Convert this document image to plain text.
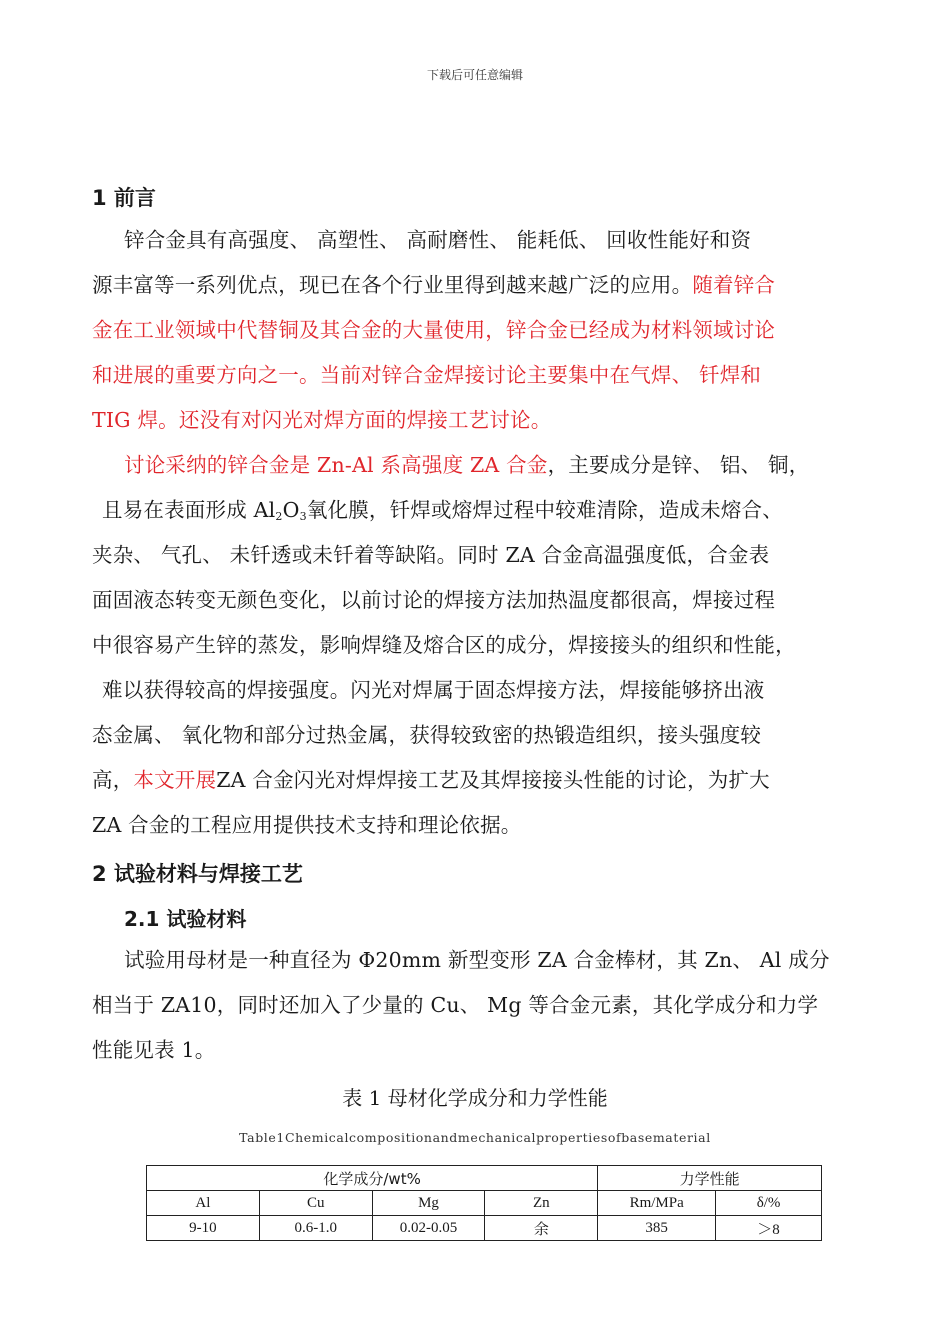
下载后可任意编辑
1 前言
锌合金具有高强度、 高塑性、 高耐磨性、 能耗低、 回收性能好和资
源丰富等一系列优点，现已在各个行业里得到越来越广泛的应用。随着锌合
金在工业领域中代替铜及其合金的大量使用，锌合金已经成为材料领域讨论
和进展的重要方向之一。当前对锌合金焊接讨论主要集中在气焊、 钎焊和
TIG 焊。还没有对闪光对焊方面的焊接工艺讨论。
讨论采纳的锌合金是 Zn-Al 系高强度 ZA 合金，主要成分是锌、 铝、 铜，
且易在表面形成 $Al_2O_3$氧化膜，钎焊或熔焊过程中较难清除，造成未熔合、
夹杂、 气孔、 未钎透或未钎着等缺陷。同时 ZA 合金高温强度低，合金表
面固液态转变无颜色变化，以前讨论的焊接方法加热温度都很高，焊接过程
中很容易产生锌的蒸发，影响焊缝及熔合区的成分，焊接接头的组织和性能，
难以获得较高的焊接强度。闪光对焊属于固态焊接方法，焊接能够挤出液
态金属、 氧化物和部分过热金属，获得较致密的热锻造组织，接头强度较
高，本文开展ZA 合金闪光对焊焊接工艺及其焊接接头性能的讨论，为扩大
ZA 合金的工程应用提供技术支持和理论依据。
2 试验材料与焊接工艺
2.1 试验材料
试验用母材是一种直径为 Φ20mm 新型变形 ZA 合金棒材，其 Zn、 Al 成分
相当于 ZA10，同时还加入了少量的 Cu、 Mg 等合金元素，其化学成分和力学
性能见表 1。
表 1 母材化学成分和力学性能
Table1Chemicalcompositionandmechanicalpropertiesofbasematerial
化学成分/wt%				力学性能	
Al	Cu	Mg	Zn	Rm/MPa	δ/%
9-10	0.6-1.0	0.02-0.05	余	385	＞8
